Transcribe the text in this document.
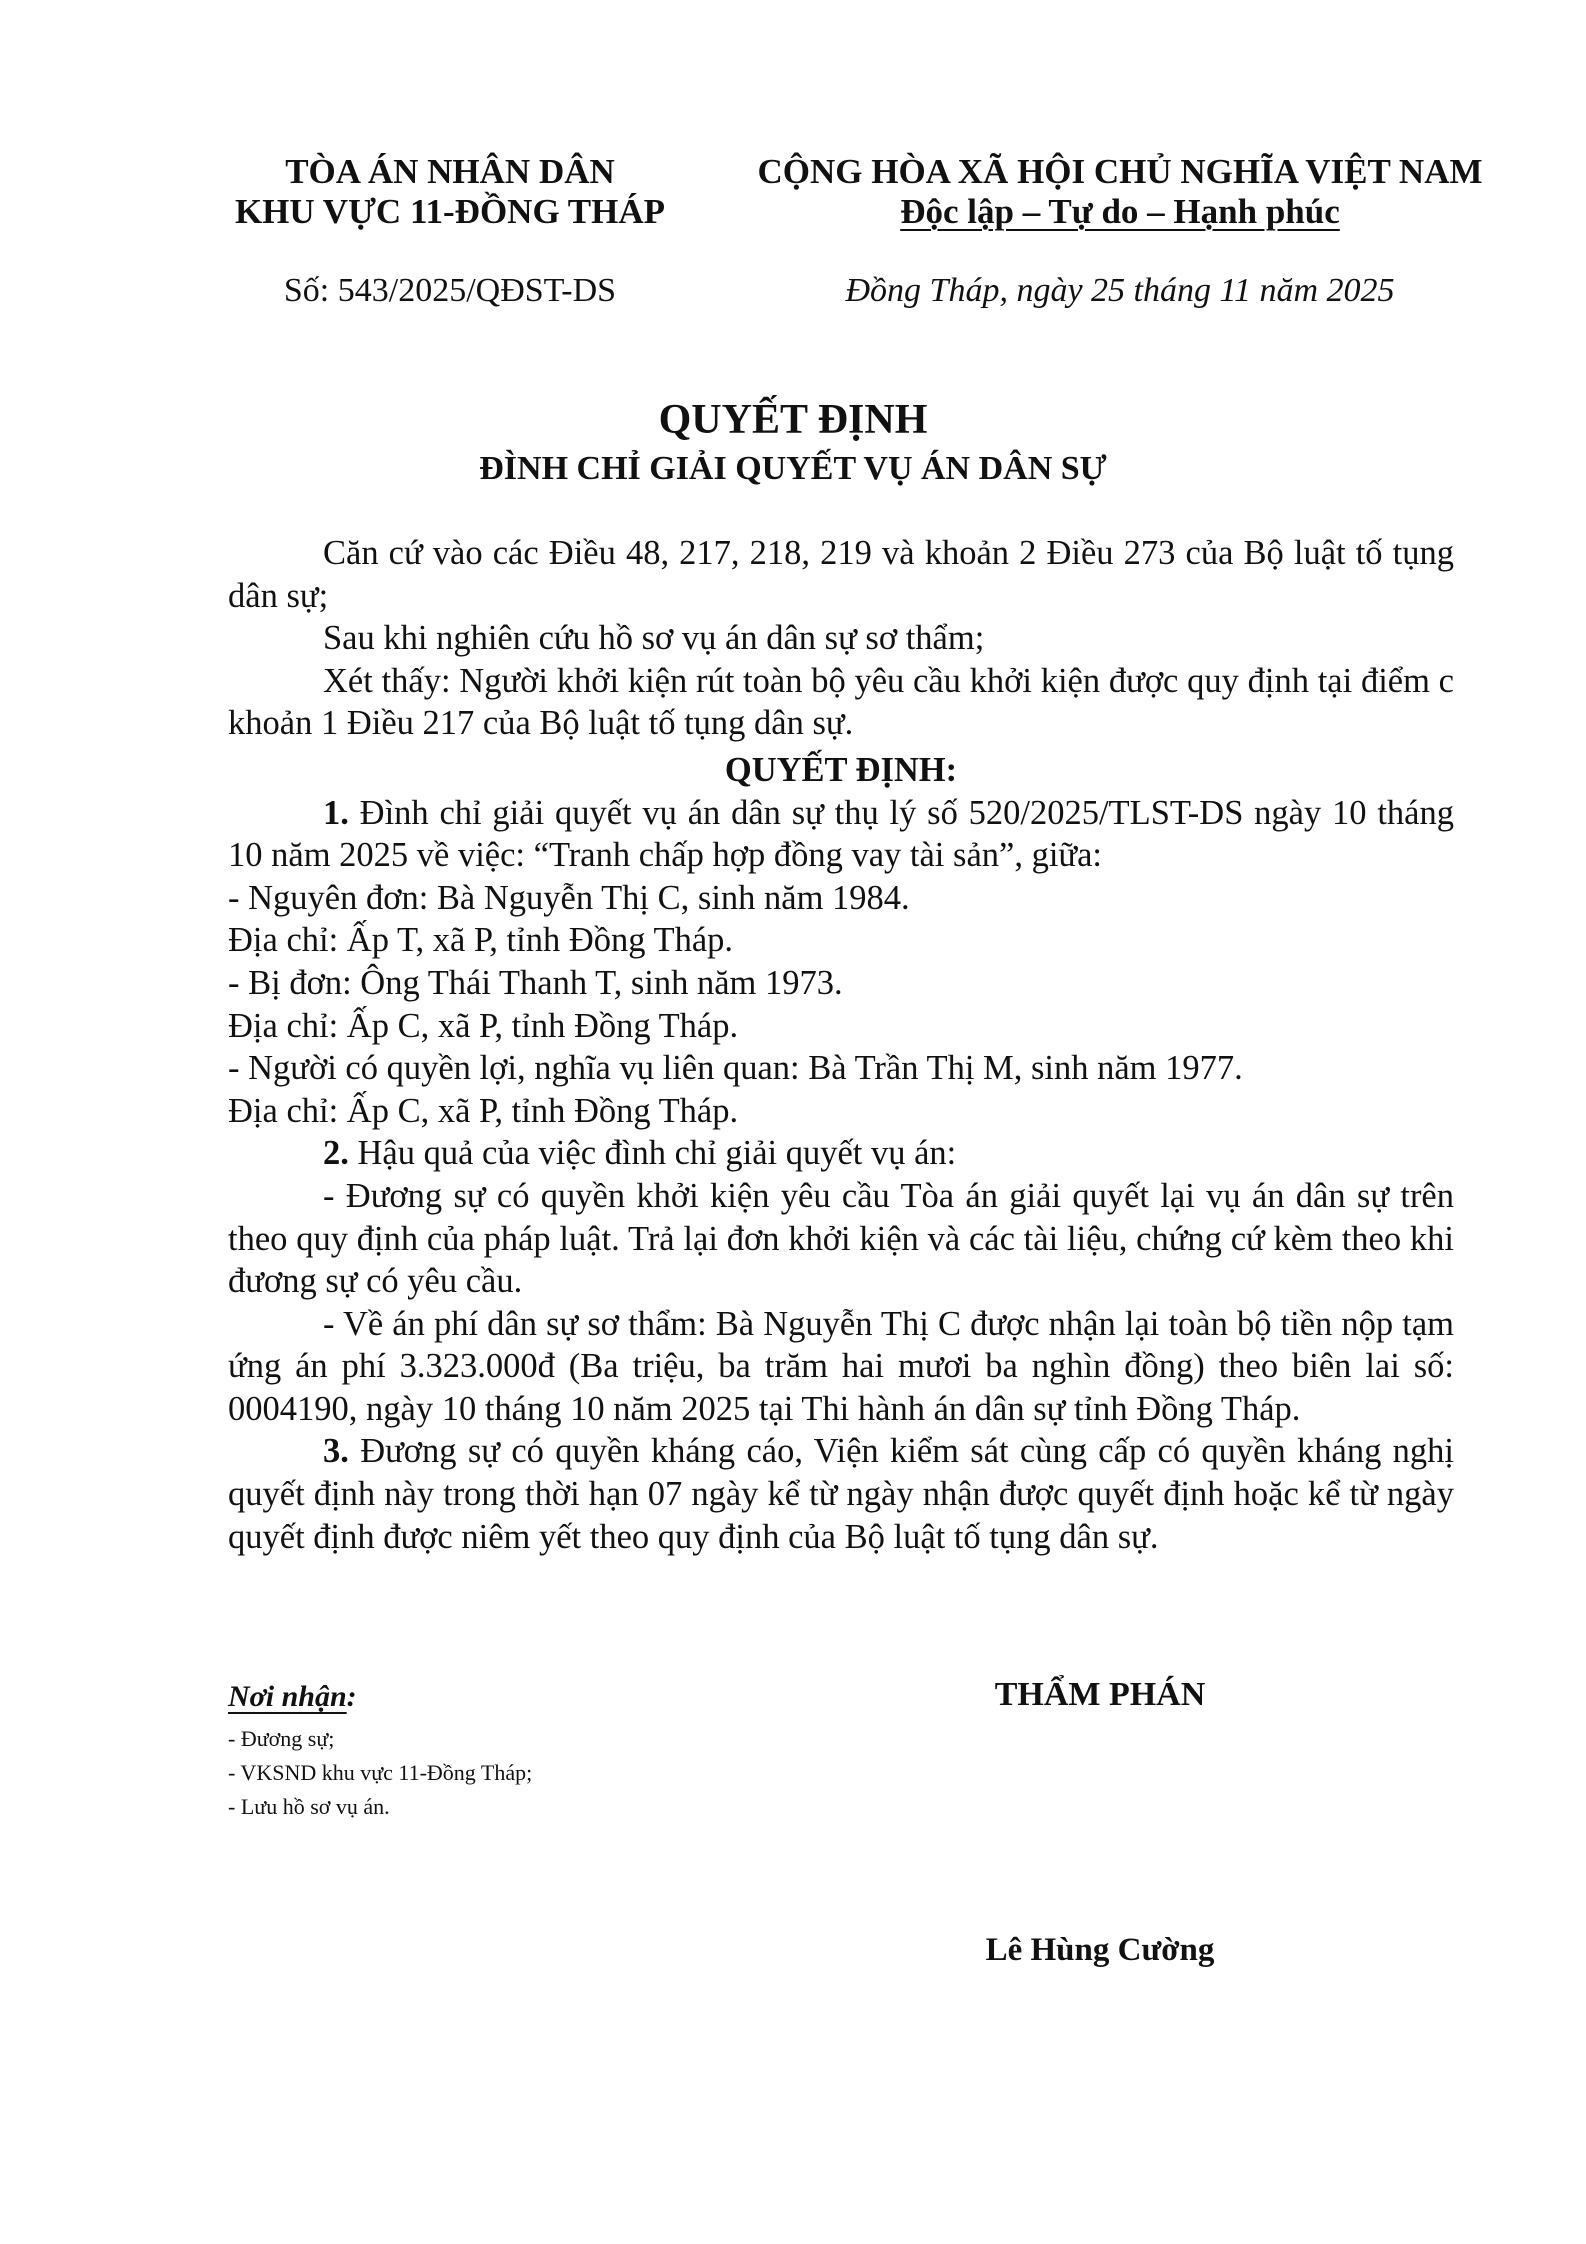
TÒA ÁN NHÂN DÂN
KHU VỰC 11-ĐỒNG THÁP
CỘNG HÒA XÃ HỘI CHỦ NGHĨA VIỆT NAM
Độc lập – Tự do – Hạnh phúc
Số: 543/2025/QĐST-DS	Đồng Tháp, ngày 25 tháng 11 năm 2025
QUYẾT ĐỊNH
ĐÌNH CHỈ GIẢI QUYẾT VỤ ÁN DÂN SỰ

Căn cứ vào các Điều 48, 217, 218, 219 và khoản 2 Điều 273 của Bộ luật tố tụng dân sự;

Sau khi nghiên cứu hồ sơ vụ án dân sự sơ thẩm;

Xét thấy: Người khởi kiện rút toàn bộ yêu cầu khởi kiện được quy định tại điểm c khoản 1 Điều 217 của Bộ luật tố tụng dân sự.

QUYẾT ĐỊNH:

1. Đình chỉ giải quyết vụ án dân sự thụ lý số 520/2025/TLST-DS ngày 10 tháng 10 năm 2025 về việc: “Tranh chấp hợp đồng vay tài sản”, giữa:

- Nguyên đơn: Bà Nguyễn Thị C, sinh năm 1984.

Địa chỉ: Ấp T, xã P, tỉnh Đồng Tháp.

- Bị đơn: Ông Thái Thanh T, sinh năm 1973.

Địa chỉ: Ấp C, xã P, tỉnh Đồng Tháp.

- Người có quyền lợi, nghĩa vụ liên quan: Bà Trần Thị M, sinh năm 1977.

Địa chỉ: Ấp C, xã P, tỉnh Đồng Tháp.

2. Hậu quả của việc đình chỉ giải quyết vụ án:

- Đương sự có quyền khởi kiện yêu cầu Tòa án giải quyết lại vụ án dân sự trên theo quy định của pháp luật. Trả lại đơn khởi kiện và các tài liệu, chứng cứ kèm theo khi đương sự có yêu cầu.

- Về án phí dân sự sơ thẩm: Bà Nguyễn Thị C được nhận lại toàn bộ tiền nộp tạm ứng án phí 3.323.000đ (Ba triệu, ba trăm hai mươi ba nghìn đồng) theo biên lai số: 0004190, ngày 10 tháng 10 năm 2025 tại Thi hành án dân sự tỉnh Đồng Tháp.

3. Đương sự có quyền kháng cáo, Viện kiểm sát cùng cấp có quyền kháng nghị quyết định này trong thời hạn 07 ngày kể từ ngày nhận được quyết định hoặc kể từ ngày quyết định được niêm yết theo quy định của Bộ luật tố tụng dân sự.

Nơi nhận:
- Đương sự;
- VKSND khu vực 11-Đồng Tháp;
- Lưu hồ sơ vụ án.
THẨM PHÁN
Lê Hùng Cường
